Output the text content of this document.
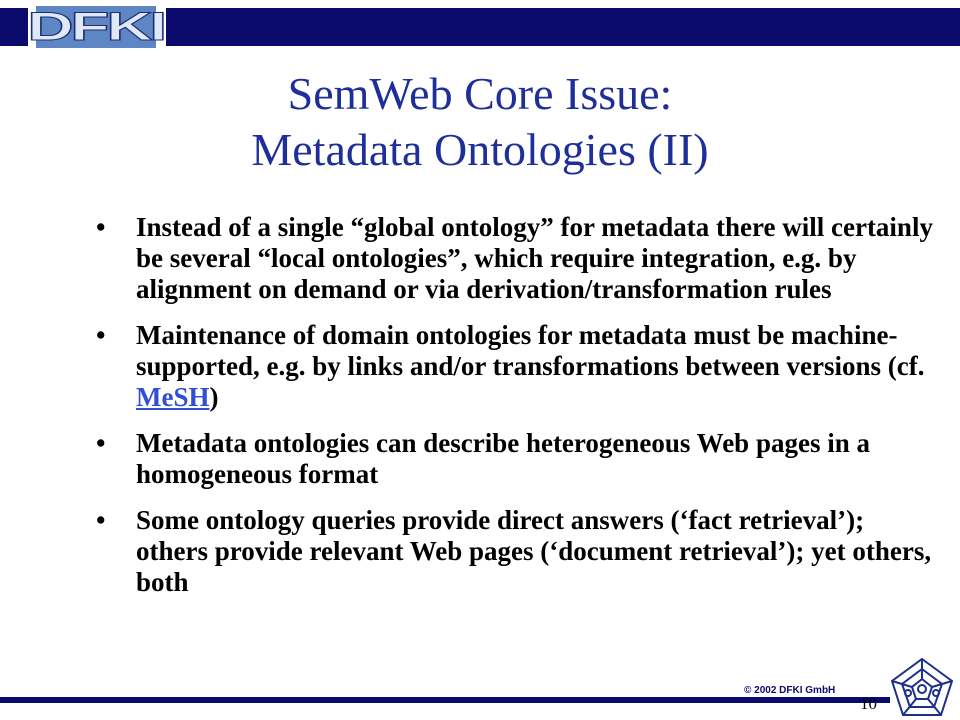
DFKI
SemWeb Core Issue:
Metadata Ontologies (II)
•	Instead of a single “global ontology” for metadata there will certainly be several “local ontologies”, which require integration, e.g. by alignment on demand or via derivation/transformation rules
•	Maintenance of domain ontologies for metadata must be machine-supported, e.g. by links and/or transformations between versions (cf. MeSH)
•	Metadata ontologies can describe heterogeneous Web pages in a homogeneous format
•	Some ontology queries provide direct answers (‘fact retrieval’); others provide relevant Web pages (‘document retrieval’); yet others, both
© 2002 DFKI GmbH
10
